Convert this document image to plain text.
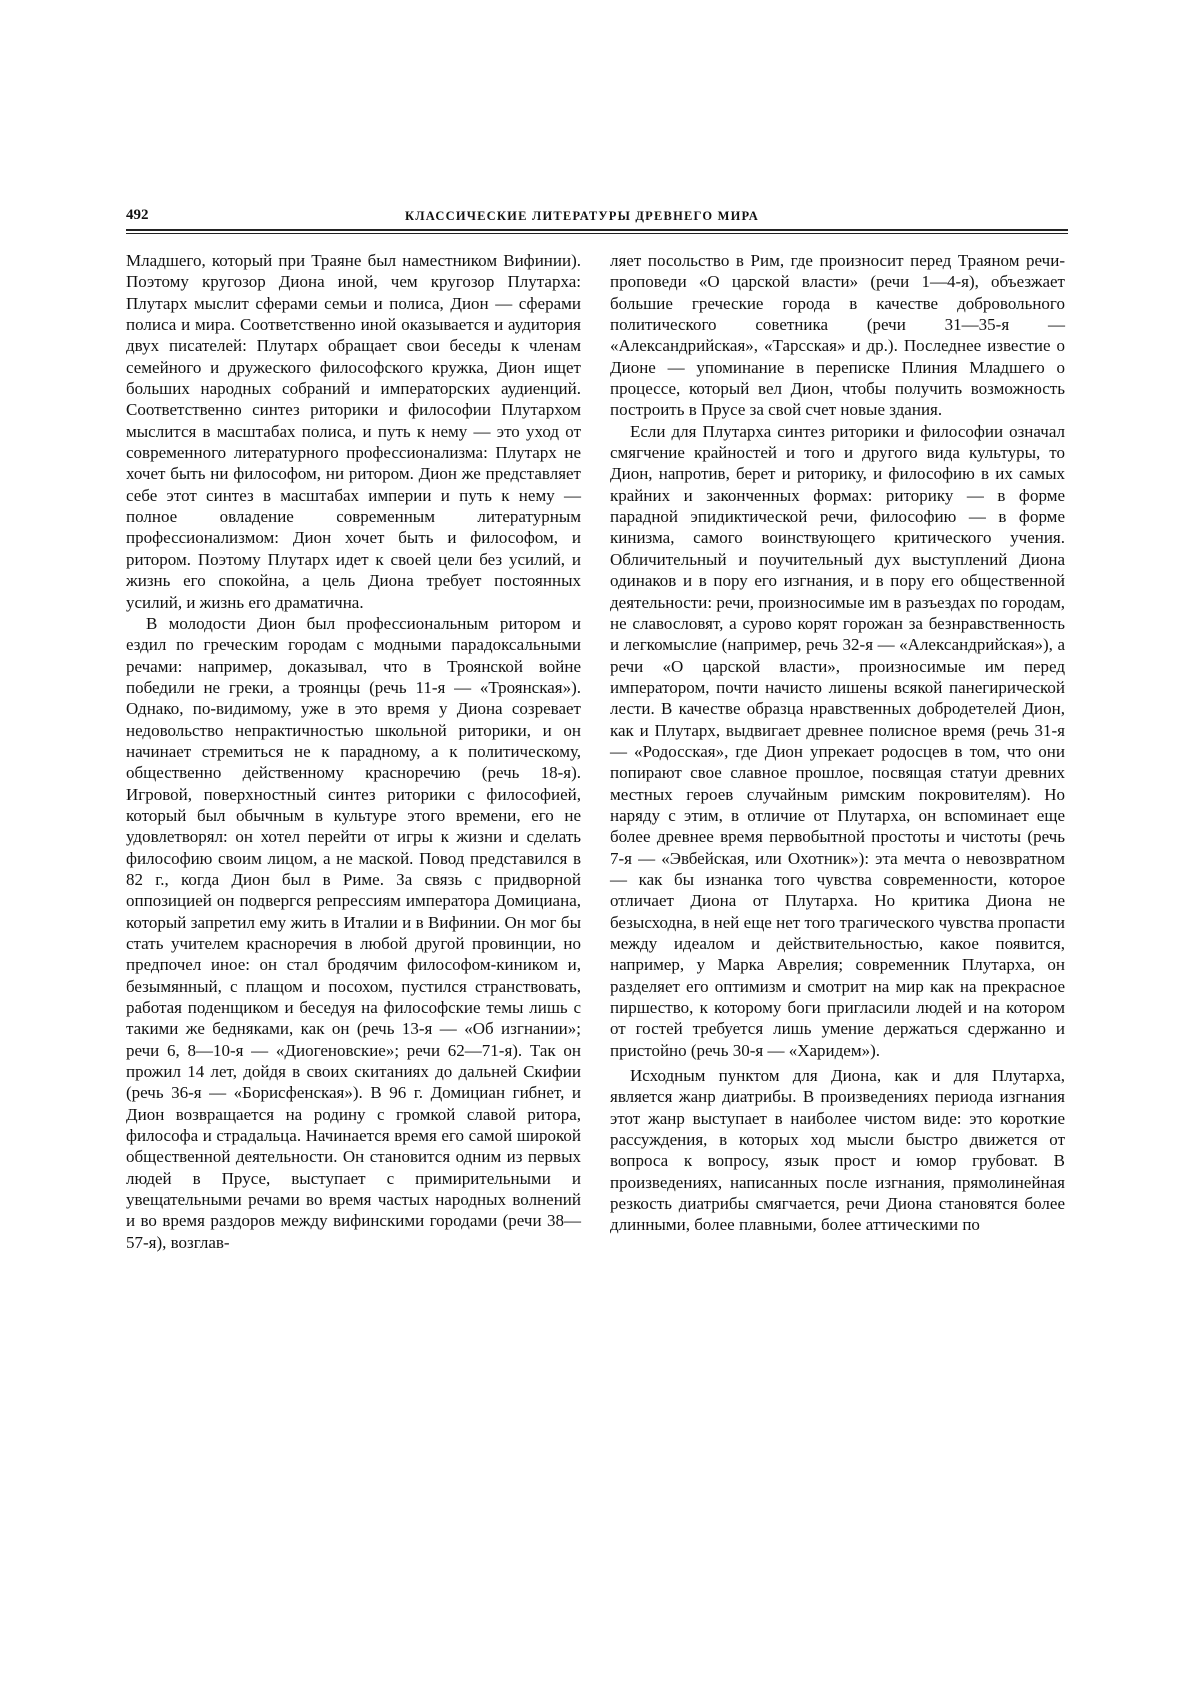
492	КЛАССИЧЕСКИЕ ЛИТЕРАТУРЫ ДРЕВНЕГО МИРА

Младшего, который при Траяне был наместником Вифинии). Поэтому кругозор Диона иной, чем кругозор Плутарха: Плутарх мыслит сферами семьи и полиса, Дион — сферами полиса и мира. Соответственно иной оказывается и аудитория двух писателей: Плутарх обращает свои беседы к членам семейного и дружеского философского кружка, Дион ищет больших народных собраний и императорских аудиенций. Соответственно синтез риторики и философии Плутархом мыслится в масштабах полиса, и путь к нему — это уход от современного литературного профессионализма: Плутарх не хочет быть ни философом, ни ритором. Дион же представляет себе этот синтез в масштабах империи и путь к нему — полное овладение современным литературным профессионализмом: Дион хочет быть и философом, и ритором. Поэтому Плутарх идет к своей цели без усилий, и жизнь его спокойна, а цель Диона требует постоянных усилий, и жизнь его драматична.

В молодости Дион был профессиональным ритором и ездил по греческим городам с модными парадоксальными речами: например, доказывал, что в Троянской войне победили не греки, а троянцы (речь 11-я — «Троянская»). Однако, по-видимому, уже в это время у Диона созревает недовольство непрактичностью школьной риторики, и он начинает стремиться не к парадному, а к политическому, общественно действенному красноречию (речь 18-я). Игровой, поверхностный синтез риторики с философией, который был обычным в культуре этого времени, его не удовлетворял: он хотел перейти от игры к жизни и сделать философию своим лицом, а не маской. Повод представился в 82 г., когда Дион был в Риме. За связь с придворной оппозицией он подвергся репрессиям императора Домициана, который запретил ему жить в Италии и в Вифинии. Он мог бы стать учителем красноречия в любой другой провинции, но предпочел иное: он стал бродячим философом-киником и, безымянный, с плащом и посохом, пустился странствовать, работая поденщиком и беседуя на философские темы лишь с такими же бедняками, как он (речь 13-я — «Об изгнании»; речи 6, 8—10-я — «Диогеновские»; речи 62—71-я). Так он прожил 14 лет, дойдя в своих скитаниях до дальней Скифии (речь 36-я — «Борисфенская»). В 96 г. Домициан гибнет, и Дион возвращается на родину с громкой славой ритора, философа и страдальца. Начинается время его самой широкой общественной деятельности. Он становится одним из первых людей в Прусе, выступает с примирительными и увещательными речами во время частых народных волнений и во время раздоров между вифинскими городами (речи 38—57-я), возглав-

ляет посольство в Рим, где произносит перед Траяном речи-проповеди «О царской власти» (речи 1—4-я), объезжает большие греческие города в качестве добровольного политического советника (речи 31—35-я — «Александрийская», «Тарсская» и др.). Последнее известие о Дионе — упоминание в переписке Плиния Младшего о процессе, который вел Дион, чтобы получить возможность построить в Прусе за свой счет новые здания.

Если для Плутарха синтез риторики и философии означал смягчение крайностей и того и другого вида культуры, то Дион, напротив, берет и риторику, и философию в их самых крайних и законченных формах: риторику — в форме парадной эпидиктической речи, философию — в форме кинизма, самого воинствующего критического учения. Обличительный и поучительный дух выступлений Диона одинаков и в пору его изгнания, и в пору его общественной деятельности: речи, произносимые им в разъездах по городам, не славословят, а сурово корят горожан за безнравственность и легкомыслие (например, речь 32-я — «Александрийская»), а речи «О царской власти», произносимые им перед императором, почти начисто лишены всякой панегирической лести. В качестве образца нравственных добродетелей Дион, как и Плутарх, выдвигает древнее полисное время (речь 31-я — «Родосская», где Дион упрекает родосцев в том, что они попирают свое славное прошлое, посвящая статуи древних местных героев случайным римским покровителям). Но наряду с этим, в отличие от Плутарха, он вспоминает еще более древнее время первобытной простоты и чистоты (речь 7-я — «Эвбейская, или Охотник»): эта мечта о невозвратном — как бы изнанка того чувства современности, которое отличает Диона от Плутарха. Но критика Диона не безысходна, в ней еще нет того трагического чувства пропасти между идеалом и действительностью, какое появится, например, у Марка Аврелия; современник Плутарха, он разделяет его оптимизм и смотрит на мир как на прекрасное пиршество, к которому боги пригласили людей и на котором от гостей требуется лишь умение держаться сдержанно и пристойно (речь 30-я — «Харидем»).

Исходным пунктом для Диона, как и для Плутарха, является жанр диатрибы. В произведениях периода изгнания этот жанр выступает в наиболее чистом виде: это короткие рассуждения, в которых ход мысли быстро движется от вопроса к вопросу, язык прост и юмор грубоват. В произведениях, написанных после изгнания, прямолинейная резкость диатрибы смягчается, речи Диона становятся более длинными, более плавными, более аттическими по
